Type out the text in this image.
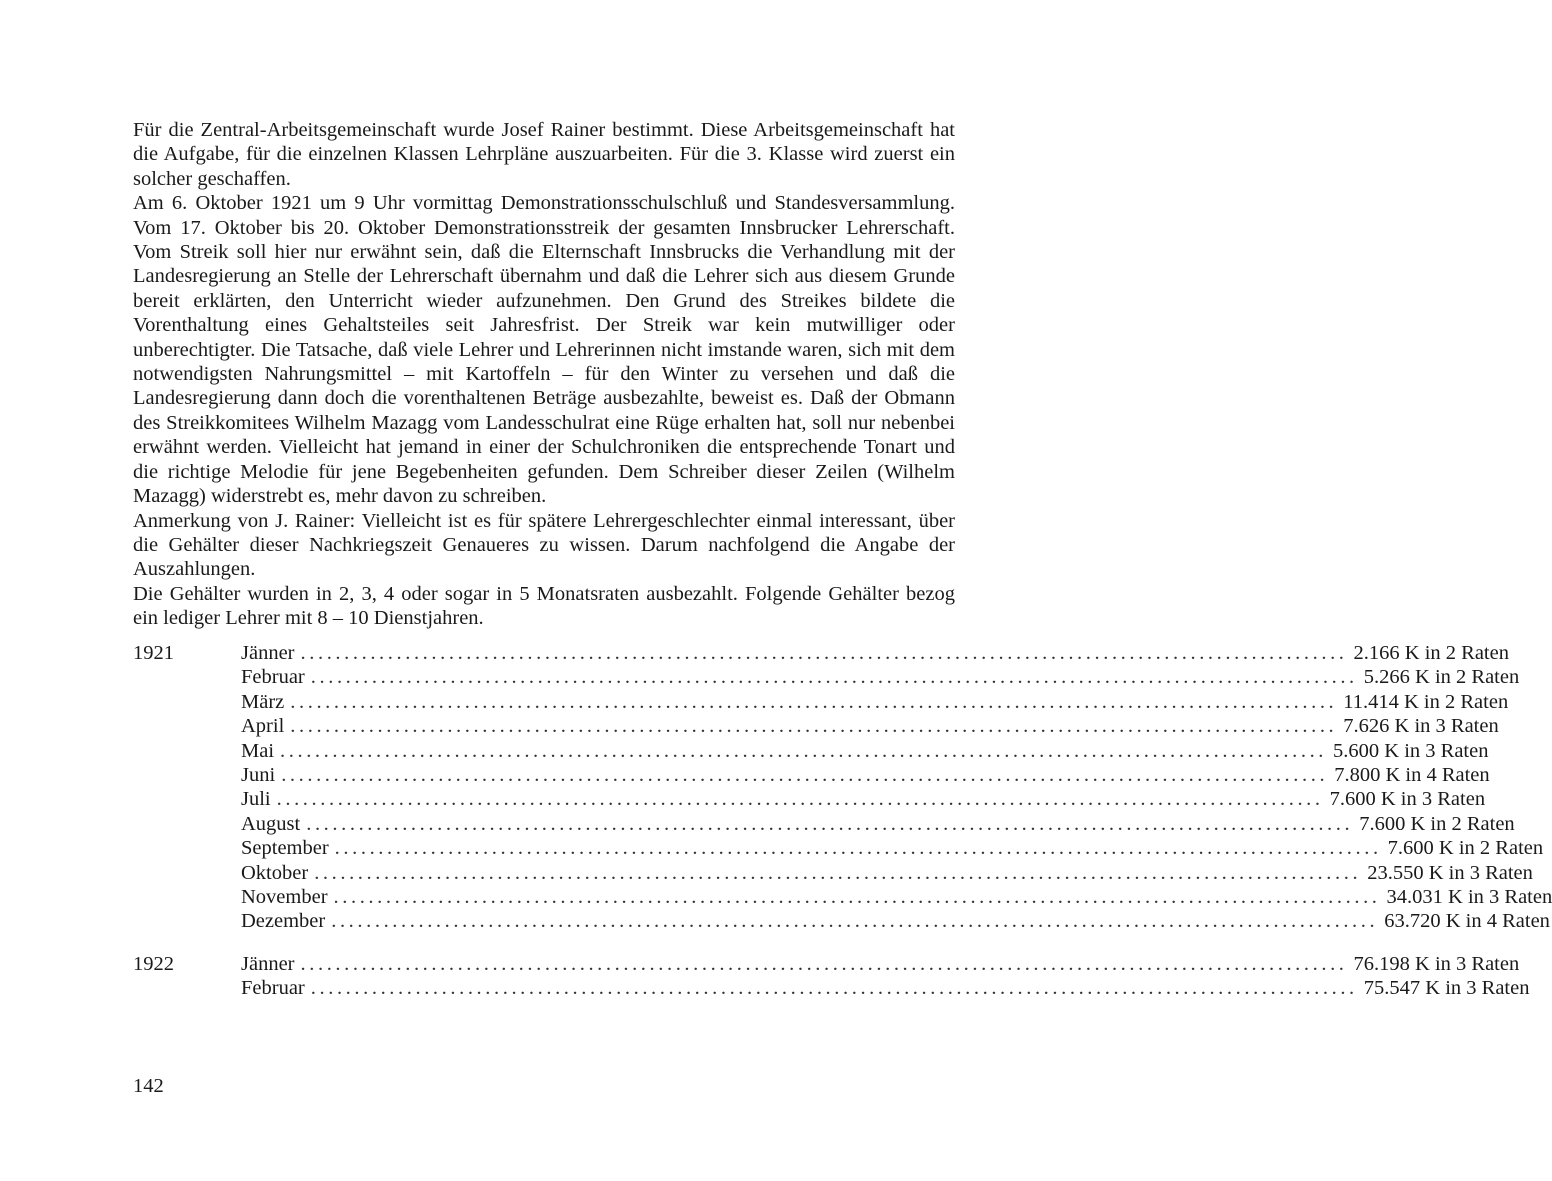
Für die Zentral-Arbeitsgemeinschaft wurde Josef Rainer bestimmt. Diese Arbeitsgemeinschaft hat die Aufgabe, für die einzelnen Klassen Lehrpläne auszuarbeiten. Für die 3. Klasse wird zuerst ein solcher geschaffen.

Am 6. Oktober 1921 um 9 Uhr vormittag Demonstrationsschulschluß und Standesversammlung. Vom 17. Oktober bis 20. Oktober Demonstrationsstreik der gesamten Innsbrucker Lehrerschaft. Vom Streik soll hier nur erwähnt sein, daß die Elternschaft Innsbrucks die Verhandlung mit der Landesregierung an Stelle der Lehrerschaft übernahm und daß die Lehrer sich aus diesem Grunde bereit erklärten, den Unterricht wieder aufzunehmen. Den Grund des Streikes bildete die Vorenthaltung eines Gehaltsteiles seit Jahresfrist. Der Streik war kein mutwilliger oder unberechtigter. Die Tatsache, daß viele Lehrer und Lehrerinnen nicht imstande waren, sich mit dem notwendigsten Nahrungsmittel – mit Kartoffeln – für den Winter zu versehen und daß die Landesregierung dann doch die vorenthaltenen Beträge ausbezahlte, beweist es. Daß der Obmann des Streikkomitees Wilhelm Mazagg vom Landesschulrat eine Rüge erhalten hat, soll nur nebenbei erwähnt werden. Vielleicht hat jemand in einer der Schulchroniken die entsprechende Tonart und die richtige Melodie für jene Begebenheiten gefunden. Dem Schreiber dieser Zeilen (Wilhelm Mazagg) widerstrebt es, mehr davon zu schreiben.

Anmerkung von J. Rainer: Vielleicht ist es für spätere Lehrergeschlechter einmal interessant, über die Gehälter dieser Nachkriegszeit Genaueres zu wissen. Darum nachfolgend die Angabe der Auszahlungen.

Die Gehälter wurden in 2, 3, 4 oder sogar in 5 Monatsraten ausbezahlt. Folgende Gehälter bezog ein lediger Lehrer mit 8 – 10 Dienstjahren.

1921	Jänner ........................................................................................................................ 2.166 K in 2 Raten
Februar ........................................................................................................................ 5.266 K in 2 Raten
März ........................................................................................................................ 11.414 K in 2 Raten
April ........................................................................................................................ 7.626 K in 3 Raten
Mai ........................................................................................................................ 5.600 K in 3 Raten
Juni ........................................................................................................................ 7.800 K in 4 Raten
Juli ........................................................................................................................ 7.600 K in 3 Raten
August ........................................................................................................................ 7.600 K in 2 Raten
September ........................................................................................................................ 7.600 K in 2 Raten
Oktober ........................................................................................................................ 23.550 K in 3 Raten
November ........................................................................................................................ 34.031 K in 3 Raten
Dezember ........................................................................................................................ 63.720 K in 4 Raten
1922	Jänner ........................................................................................................................ 76.198 K in 3 Raten
Februar ........................................................................................................................ 75.547 K in 3 Raten
142
